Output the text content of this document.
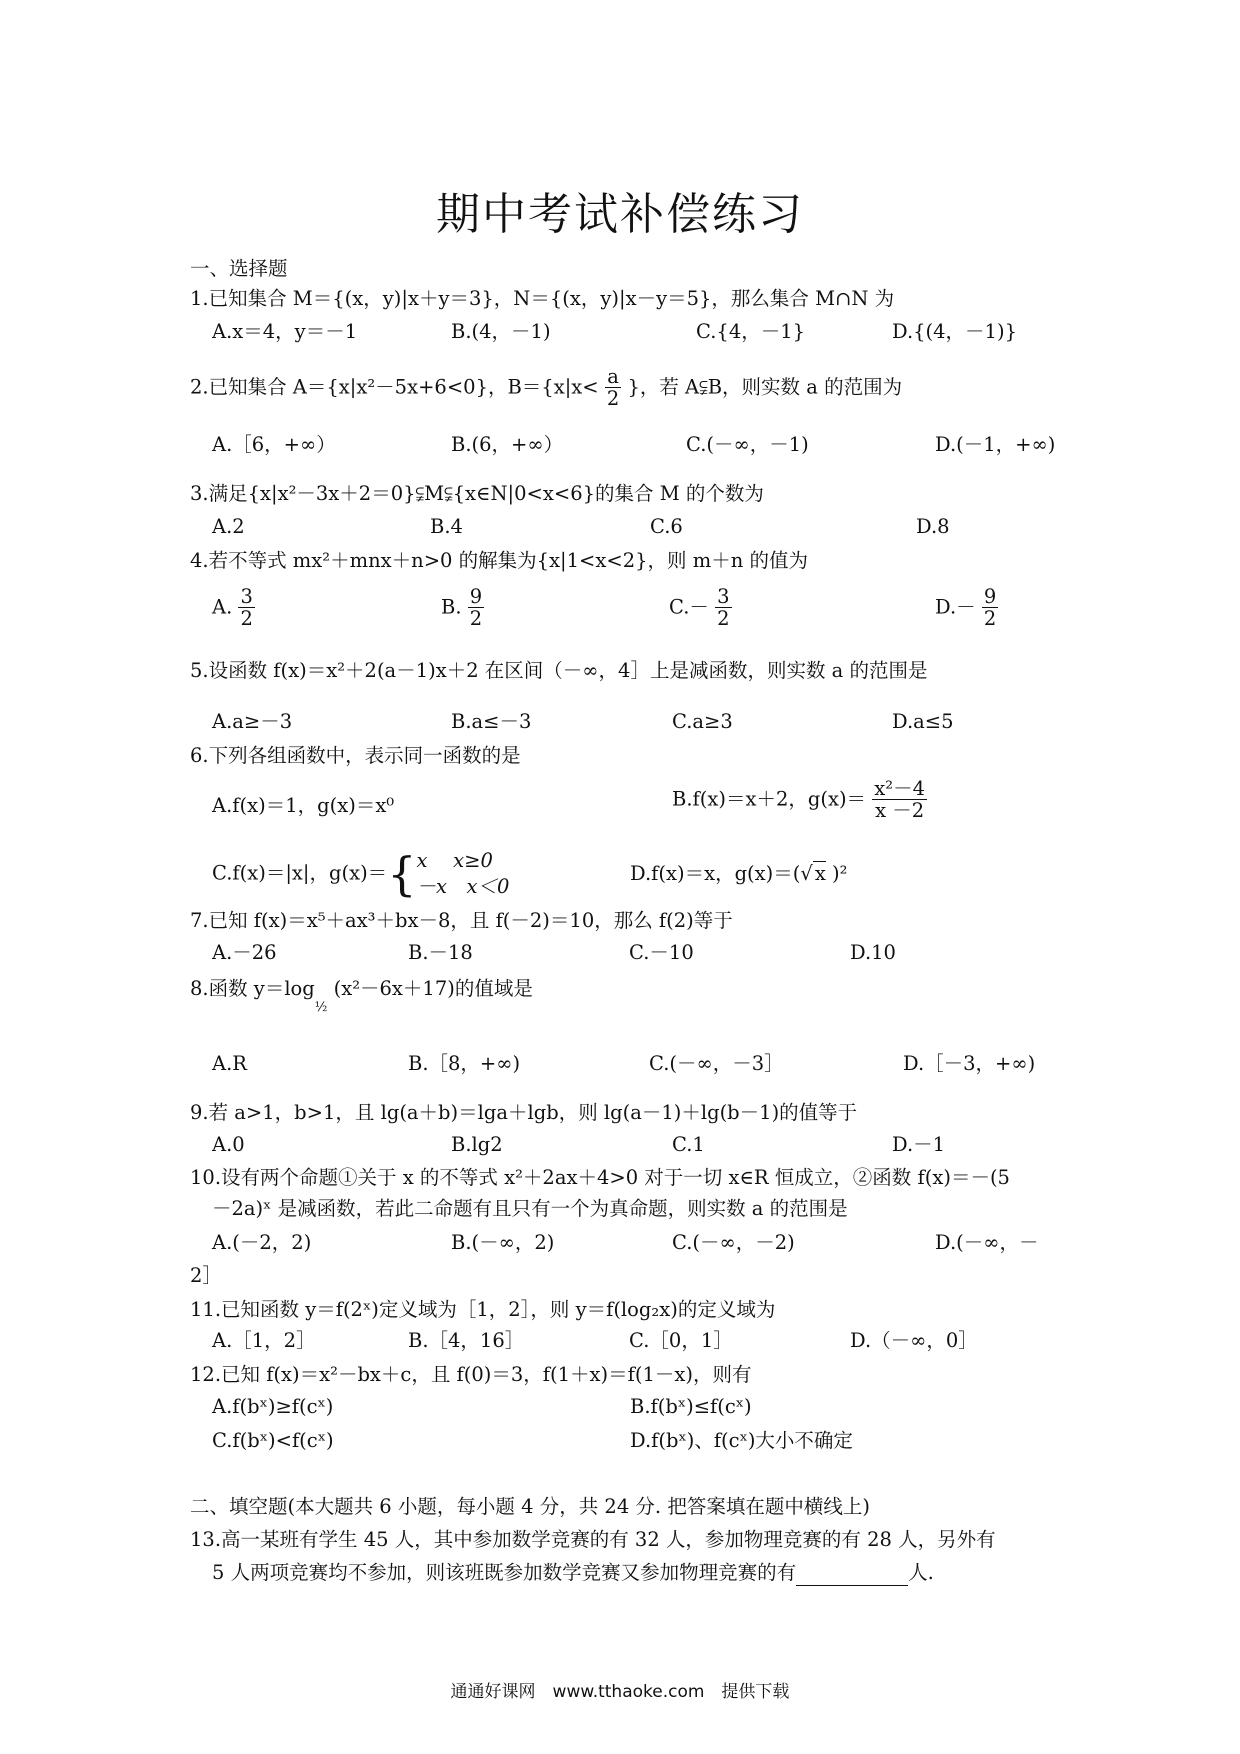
期中考试补偿练习
一、选择题
1.已知集合 M＝{(x，y)|x＋y＝3}，N＝{(x，y)|x－y＝5}，那么集合 M∩N 为
A.x＝4，y＝－1	B.(4，－1)	C.{4，－1}	D.{(4，－1)}
2.已知集合 A＝{x|x²－5x+6<0}，$B=\{x|x< \frac{a}{2}$ }，若 A⫋B，则实数 a 的范围为
A.［6，+∞）	B.(6，+∞）	C.(－∞，－1)	D.(－1，+∞)
3.满足{x|x²－3x＋2＝0}⫋M⫋{x∈N|0<x<6}的集合 M 的个数为
A.2	B.4	C.6	D.8
4.若不等式 mx²＋mnx＋n>0 的解集为{x|1<x<2}，则 m＋n 的值为
A. $\frac{3}{2}$	B. $\frac{9}{2}$	$C.- \frac{3}{2}$	$D.- \frac{9}{2}$
5.设函数 f(x)＝x²＋2(a－1)x＋2 在区间（－∞，4］上是减函数，则实数 a 的范围是
A.a≥－3	B.a≤－3	C.a≥3	D.a≤5
6.下列各组函数中，表示同一函数的是
A.f(x)＝1，g(x)＝x⁰	B.f(x)＝x＋2，$g(x)= \frac{\text{x²－4}}{x -2}$
C.f(x)＝|x|，g(x)＝{ x　 x≥0
－x　x＜0
D.f(x)＝x，g(x)＝(√ x )²
7.已知 f(x)＝x⁵＋ax³＋bx－8，且 f(－2)＝10，那么 f(2)等于
A.－26	B.－18	C.－10	D.10
8.函数 $y=\log_{\frac{1}{2}}$ (x²－6x＋17)的值域是
A.R	B.［8，+∞)	C.(－∞，－3］	D.［－3，+∞)
9.若 a>1，b>1，且 lg(a＋b)＝lga＋lgb，则 lg(a－1)＋lg(b－1)的值等于
A.0	B.lg2	C.1	D.－1
10.设有两个命题①关于 x 的不等式 x²＋2ax＋4>0 对于一切 x∈R 恒成立，②函数 f(x)＝－(5
－2a)ˣ 是减函数，若此二命题有且只有一个为真命题，则实数 a 的范围是
A.(－2，2)	B.(－∞，2)	C.(－∞，－2)	D.(－∞，－
2］
11.已知函数 y＝f(2ˣ)定义域为［1，2］，则 y＝f(log₂x)的定义域为
A.［1，2］	B.［4，16］	C.［0，1］	D.（－∞，0］
12.已知 f(x)＝x²－bx＋c，且 f(0)＝3，f(1＋x)＝f(1－x)，则有
A.f(bˣ)≥f(cˣ)	B.f(bˣ)≤f(cˣ)
C.f(bˣ)<f(cˣ)	D.f(bˣ)、f(cˣ)大小不确定
二、填空题(本大题共 6 小题，每小题 4 分，共 24 分. 把答案填在题中横线上)
13.高一某班有学生 45 人，其中参加数学竞赛的有 32 人，参加物理竞赛的有 28 人，另外有
5 人两项竞赛均不参加，则该班既参加数学竞赛又参加物理竞赛的有	人.
通通好课网　www.tthaoke.com　提供下载
